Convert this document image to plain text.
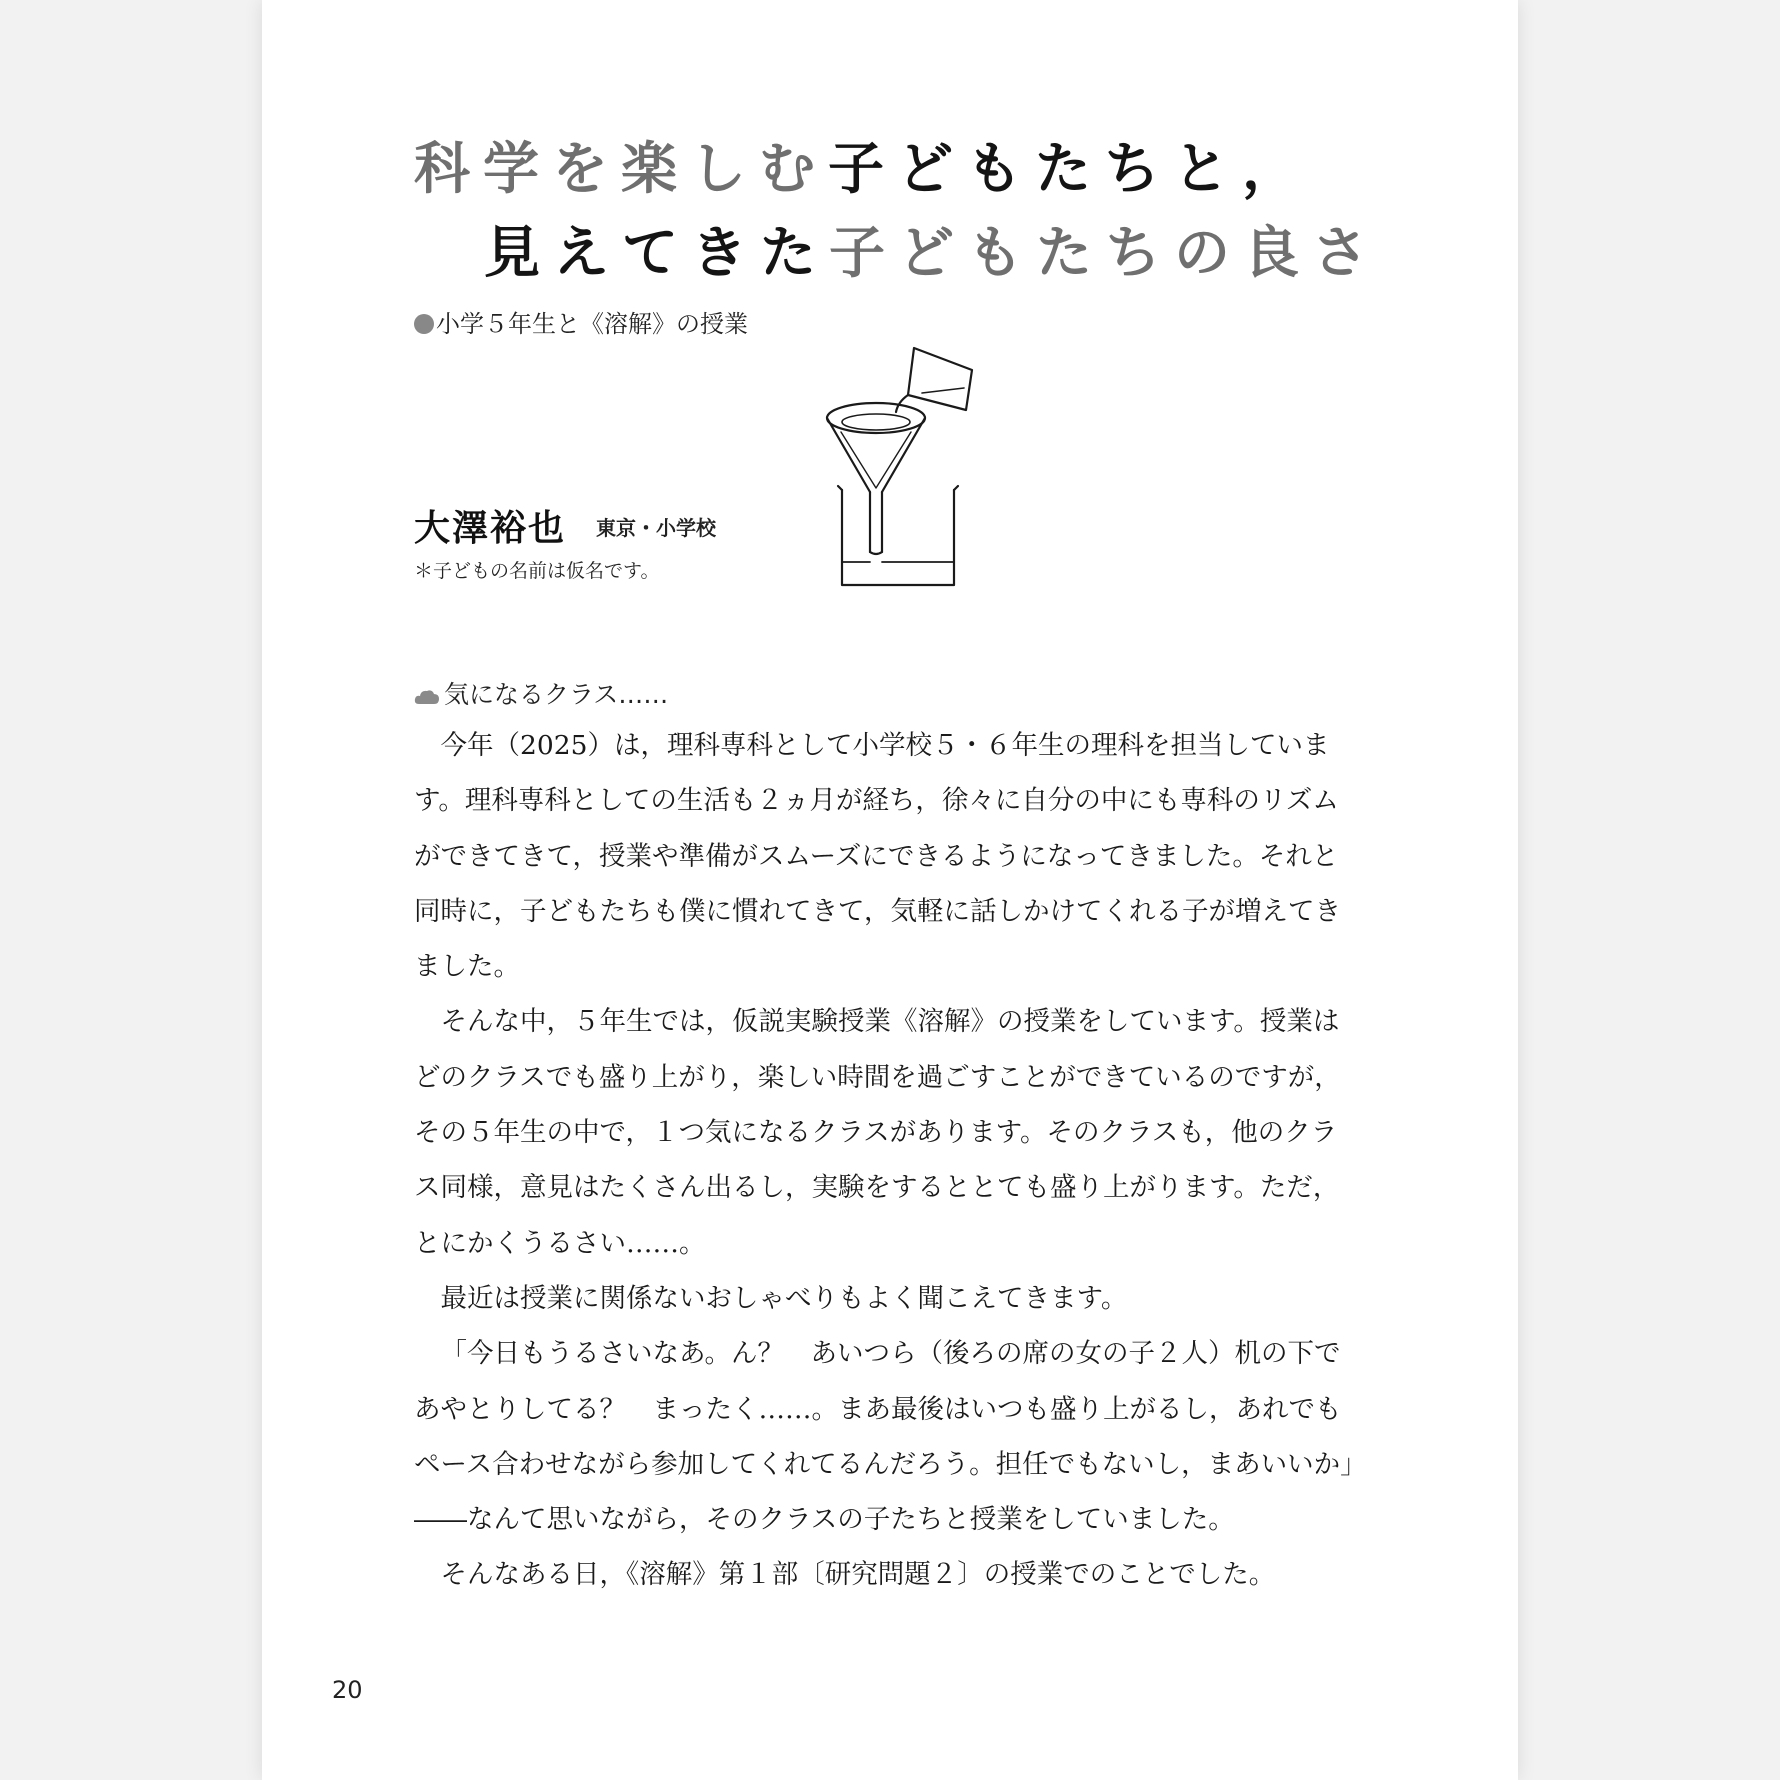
科学を楽しむ子どもたちと，
見えてきた子どもたちの良さ
小学５年生と《溶解》の授業
大澤裕也 東京・小学校
＊子どもの名前は仮名です。
気になるクラス……

今年（2025）は，理科専科として小学校５・６年生の理科を担当しています。理科専科としての生活も２ヵ月が経ち，徐々に自分の中にも専科のリズムができてきて，授業や準備がスムーズにできるようになってきました。それと同時に，子どもたちも僕に慣れてきて，気軽に話しかけてくれる子が増えてきました。

そんな中，５年生では，仮説実験授業《溶解》の授業をしています。授業はどのクラスでも盛り上がり，楽しい時間を過ごすことができているのですが，その５年生の中で，１つ気になるクラスがあります。そのクラスも，他のクラス同様，意見はたくさん出るし，実験をするととても盛り上がります。ただ，とにかくうるさい……。

最近は授業に関係ないおしゃべりもよく聞こえてきます。

「今日もうるさいなあ。ん？　あいつら（後ろの席の女の子２人）机の下であやとりしてる？　まったく……。まあ最後はいつも盛り上がるし，あれでもペース合わせながら参加してくれてるんだろう。担任でもないし，まあいいか」――なんて思いながら，そのクラスの子たちと授業をしていました。

そんなある日，《溶解》第１部〔研究問題２〕の授業でのことでした。

20
